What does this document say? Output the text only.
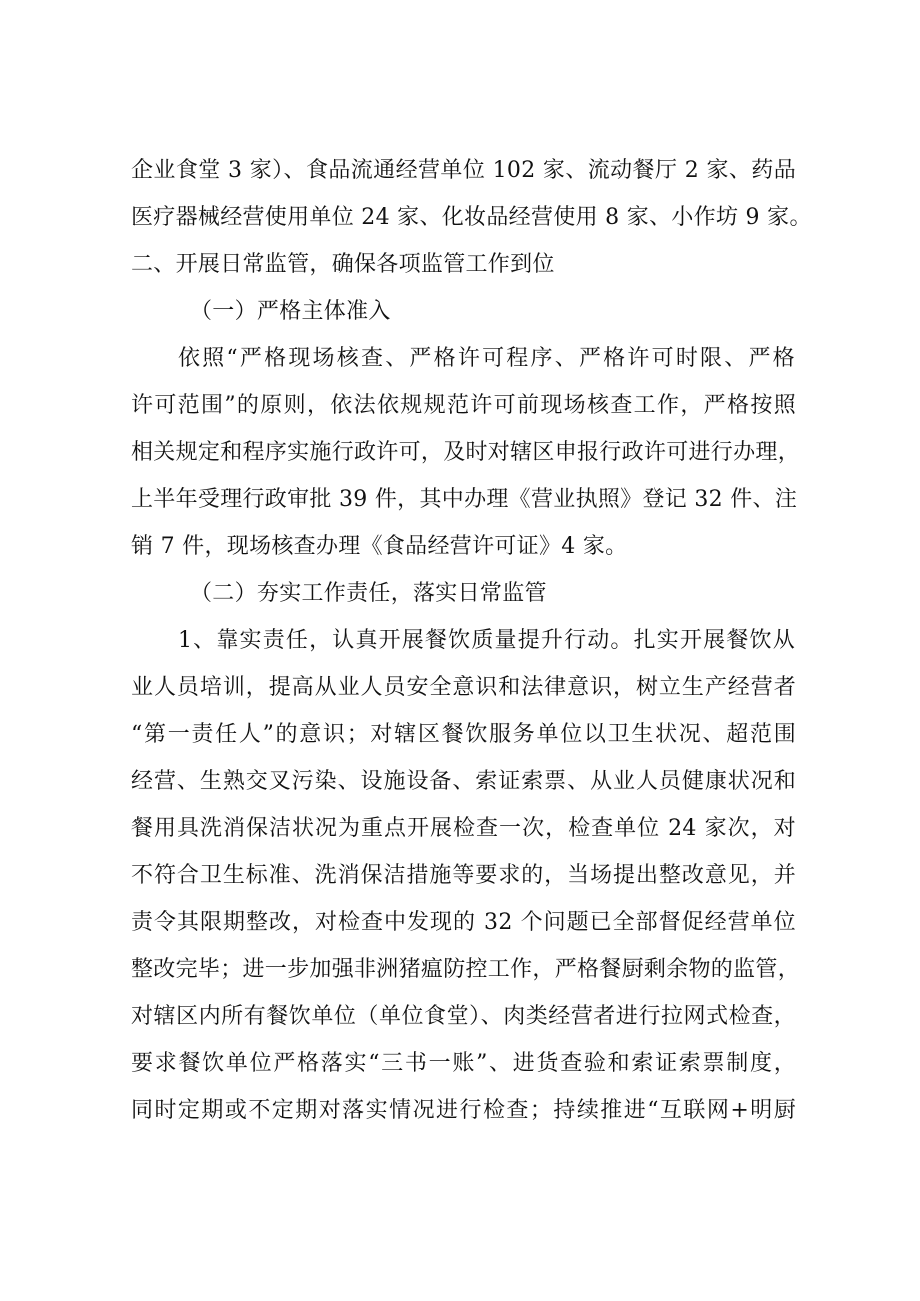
企业食堂 3 家）、食品流通经营单位 102 家、流动餐厅 2 家、药品
医疗器械经营使用单位 24 家、化妆品经营使用 8 家、小作坊 9 家。
二、开展日常监管，确保各项监管工作到位
（一）严格主体准入
依照“严格现场核查、严格许可程序、严格许可时限、严格
许可范围”的原则，依法依规规范许可前现场核查工作，严格按照
相关规定和程序实施行政许可，及时对辖区申报行政许可进行办理，
上半年受理行政审批 39 件，其中办理《营业执照》登记 32 件、注
销 7 件，现场核查办理《食品经营许可证》4 家。
（二）夯实工作责任，落实日常监管
1、靠实责任，认真开展餐饮质量提升行动。扎实开展餐饮从
业人员培训，提高从业人员安全意识和法律意识，树立生产经营者
“第一责任人”的意识；对辖区餐饮服务单位以卫生状况、超范围
经营、生熟交叉污染、设施设备、索证索票、从业人员健康状况和
餐用具洗消保洁状况为重点开展检查一次，检查单位 24 家次，对
不符合卫生标准、洗消保洁措施等要求的，当场提出整改意见，并
责令其限期整改，对检查中发现的 32 个问题已全部督促经营单位
整改完毕；进一步加强非洲猪瘟防控工作，严格餐厨剩余物的监管，
对辖区内所有餐饮单位（单位食堂）、肉类经营者进行拉网式检查，
要求餐饮单位严格落实“三书一账”、进货查验和索证索票制度，
同时定期或不定期对落实情况进行检查；持续推进“互联网+明厨
